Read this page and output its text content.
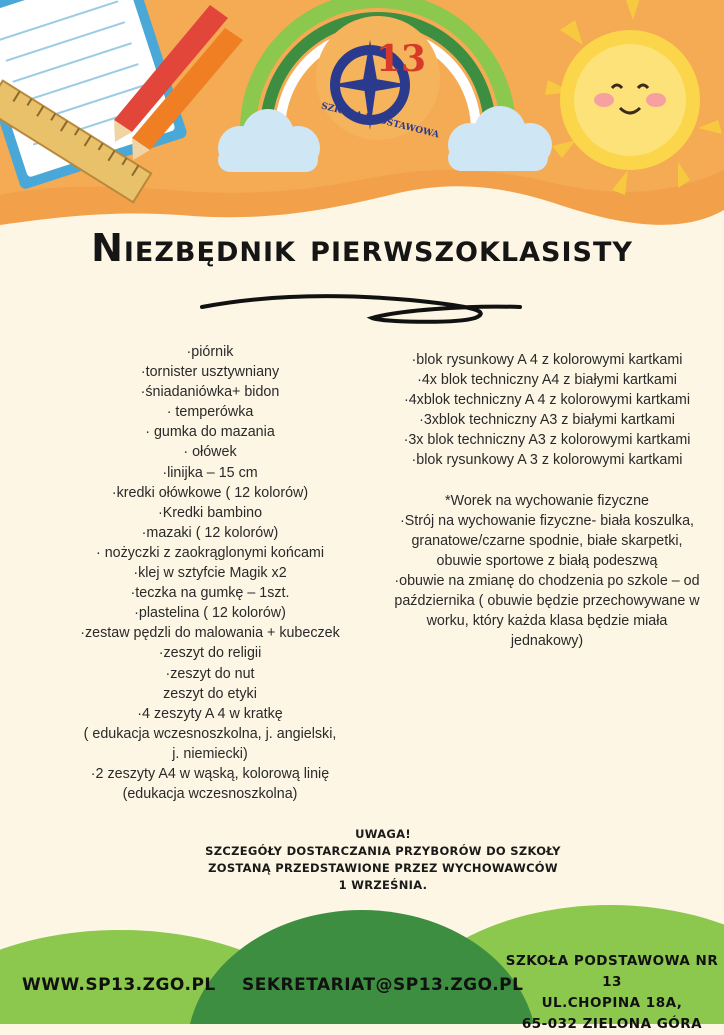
13
SZKOŁA PODSTAWOWA
Niezbędnik pierwszoklasisty
·piórnik
·tornister usztywniany
·śniadaniówka+ bidon
· temperówka
· gumka do mazania
· ołówek
·linijka – 15 cm
·kredki ołówkowe ( 12 kolorów)
·Kredki bambino
·mazaki ( 12 kolorów)
· nożyczki z zaokrąglonymi końcami
·klej w sztyfcie Magik x2
·teczka na gumkę – 1szt.
·plastelina ( 12 kolorów)
·zestaw pędzli do malowania + kubeczek
·zeszyt do religii
·zeszyt do nut
zeszyt do etyki
·4 zeszyty A 4 w kratkę
( edukacja wczesnoszkolna, j. angielski,
j. niemiecki)
·2 zeszyty A4 w wąską, kolorową linię
(edukacja wczesnoszkolna)
·blok rysunkowy A 4 z kolorowymi kartkami
·4x blok techniczny A4 z białymi kartkami
·4xblok techniczny A 4 z kolorowymi kartkami
·3xblok techniczny A3 z białymi kartkami
·3x blok techniczny A3 z kolorowymi kartkami
·blok rysunkowy A 3 z kolorowymi kartkami
*Worek na wychowanie fizyczne
·Strój na wychowanie fizyczne- biała koszulka, granatowe/czarne spodnie, białe skarpetki, obuwie sportowe z białą podeszwą
·obuwie na zmianę do chodzenia po szkole – od października ( obuwie będzie przechowywane w worku, który każda klasa będzie miała jednakowy)
UWAGA!
SZCZEGÓŁY DOSTARCZANIA PRZYBORÓW DO SZKOŁY
ZOSTANĄ PRZEDSTAWIONE PRZEZ WYCHOWAWCÓW
1 WRZEŚNIA.
WWW.SP13.ZGO.PL SEKRETARIAT@SP13.ZGO.PL
SZKOŁA PODSTAWOWA NR 13
UL.CHOPINA 18A,
65-032 ZIELONA GÓRA
